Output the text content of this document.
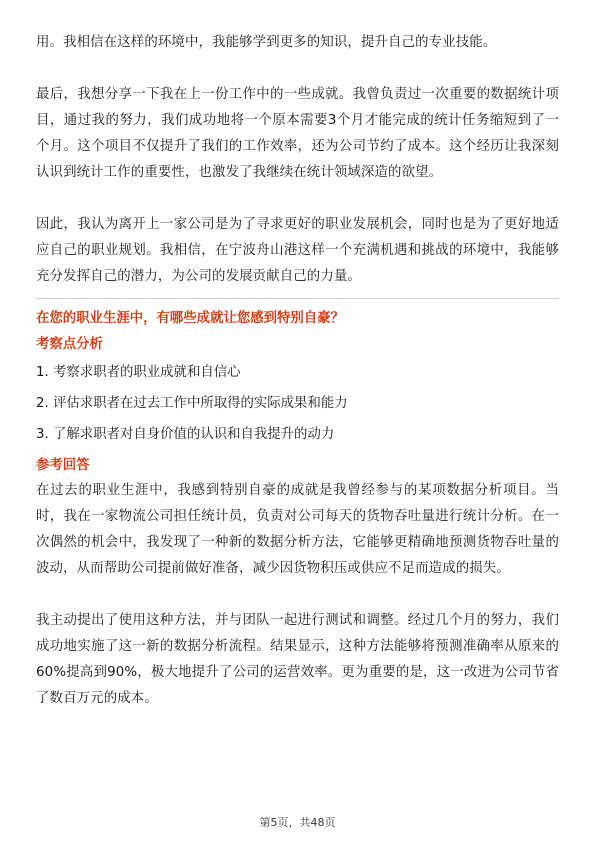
用。我相信在这样的环境中，我能够学到更多的知识，提升自己的专业技能。

最后，我想分享一下我在上一份工作中的一些成就。我曾负责过一次重要的数据统计项目，通过我的努力，我们成功地将一个原本需要3个月才能完成的统计任务缩短到了一个月。这个项目不仅提升了我们的工作效率，还为公司节约了成本。这个经历让我深刻认识到统计工作的重要性，也激发了我继续在统计领域深造的欲望。

因此，我认为离开上一家公司是为了寻求更好的职业发展机会，同时也是为了更好地适应自己的职业规划。我相信，在宁波舟山港这样一个充满机遇和挑战的环境中，我能够充分发挥自己的潜力，为公司的发展贡献自己的力量。

在您的职业生涯中，有哪些成就让您感到特别自豪？
考察点分析
1. 考察求职者的职业成就和自信心
2. 评估求职者在过去工作中所取得的实际成果和能力
3. 了解求职者对自身价值的认识和自我提升的动力
参考回答

在过去的职业生涯中，我感到特别自豪的成就是我曾经参与的某项数据分析项目。当时，我在一家物流公司担任统计员，负责对公司每天的货物吞吐量进行统计分析。在一次偶然的机会中，我发现了一种新的数据分析方法，它能够更精确地预测货物吞吐量的波动，从而帮助公司提前做好准备，减少因货物积压或供应不足而造成的损失。

我主动提出了使用这种方法，并与团队一起进行测试和调整。经过几个月的努力，我们成功地实施了这一新的数据分析流程。结果显示，这种方法能够将预测准确率从原来的60%提高到90%，极大地提升了公司的运营效率。更为重要的是，这一改进为公司节省了数百万元的成本。

第5页，共48页
